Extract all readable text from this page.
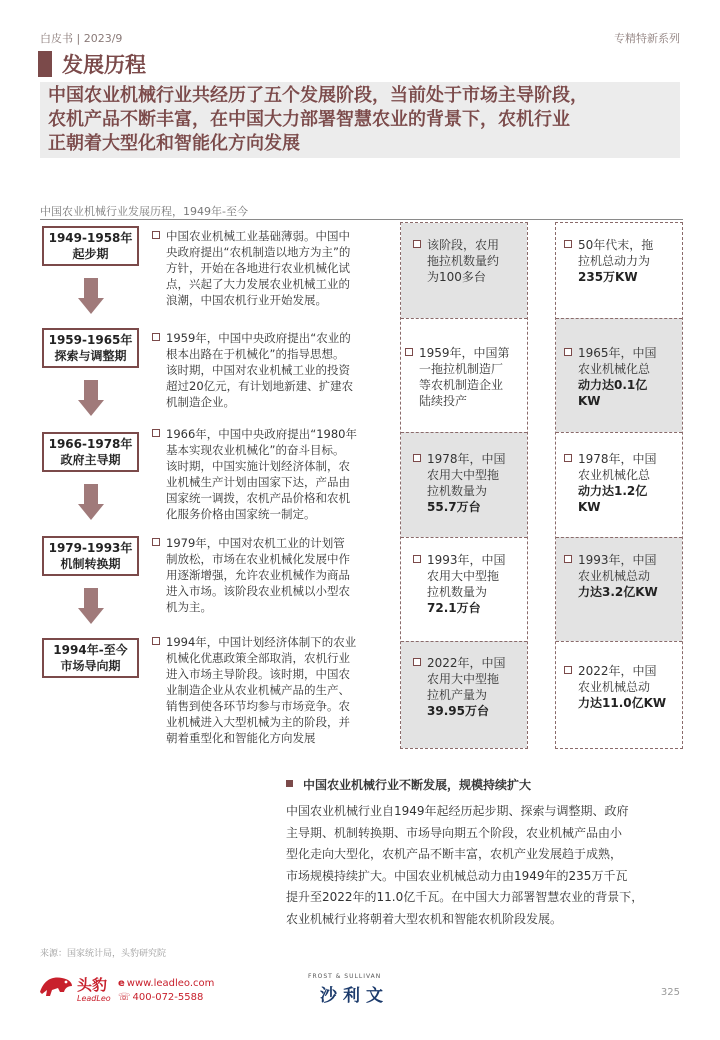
白皮书 | 2023/9	专精特新系列
发展历程
中国农业机械行业共经历了五个发展阶段，当前处于市场主导阶段，
农机产品不断丰富，在中国大力部署智慧农业的背景下，农机行业
正朝着大型化和智能化方向发展
中国农业机械行业发展历程，1949年-至今
1949-1958年
起步期
1959-1965年
探索与调整期
1966-1978年
政府主导期
1979-1993年
机制转换期
1994年-至今
市场导向期
中国农业机械工业基础薄弱。中国中
央政府提出“农机制造以地方为主”的
方针，开始在各地进行农业机械化试
点，兴起了大力发展农业机械工业的
浪潮，中国农机行业开始发展。
1959年，中国中央政府提出“农业的
根本出路在于机械化”的指导思想。
该时期，中国对农业机械工业的投资
超过20亿元，有计划地新建、扩建农
机制造企业。
1966年，中国中央政府提出“1980年
基本实现农业机械化”的奋斗目标。
该时期，中国实施计划经济体制，农
业机械生产计划由国家下达，产品由
国家统一调拨，农机产品价格和农机
化服务价格由国家统一制定。
1979年，中国对农机工业的计划管
制放松，市场在农业机械化发展中作
用逐渐增强，允许农业机械作为商品
进入市场。该阶段农业机械以小型农
机为主。
1994年，中国计划经济体制下的农业
机械化优惠政策全部取消，农机行业
进入市场主导阶段。该时期，中国农
业制造企业从农业机械产品的生产、
销售到使各环节均参与市场竞争。农
业机械进入大型机械为主的阶段，并
朝着重型化和智能化方向发展
该阶段，农用
拖拉机数量约
为100多台
1959年，中国第
一拖拉机制造厂
等农机制造企业
陆续投产
1978年，中国
农用大中型拖
拉机数量为
55.7万台
1993年，中国
农用大中型拖
拉机数量为
72.1万台
2022年，中国
农用大中型拖
拉机产量为
39.95万台
50年代末，拖
拉机总动力为
235万KW
1965年，中国
农业机械化总
动力达0.1亿
KW
1978年，中国
农业机械化总
动力达1.2亿
KW
1993年，中国
农业机械总动
力达3.2亿KW
2022年，中国
农业机械总动
力达11.0亿KW
中国农业机械行业不断发展，规模持续扩大
中国农业机械行业自1949年起经历起步期、探索与调整期、政府
主导期、机制转换期、市场导向期五个阶段，农业机械产品由小
型化走向大型化，农机产品不断丰富，农机产业发展趋于成熟，
市场规模持续扩大。中国农业机械总动力由1949年的235万千瓦
提升至2022年的11.0亿千瓦。在中国大力部署智慧农业的背景下，
农业机械行业将朝着大型农机和智能农机阶段发展。
来源：国家统计局，头豹研究院
头豹
LeadLeo
e www.leadleo.com
☏ 400-072-5588
FROST & SULLIVAN
沙利文	325
